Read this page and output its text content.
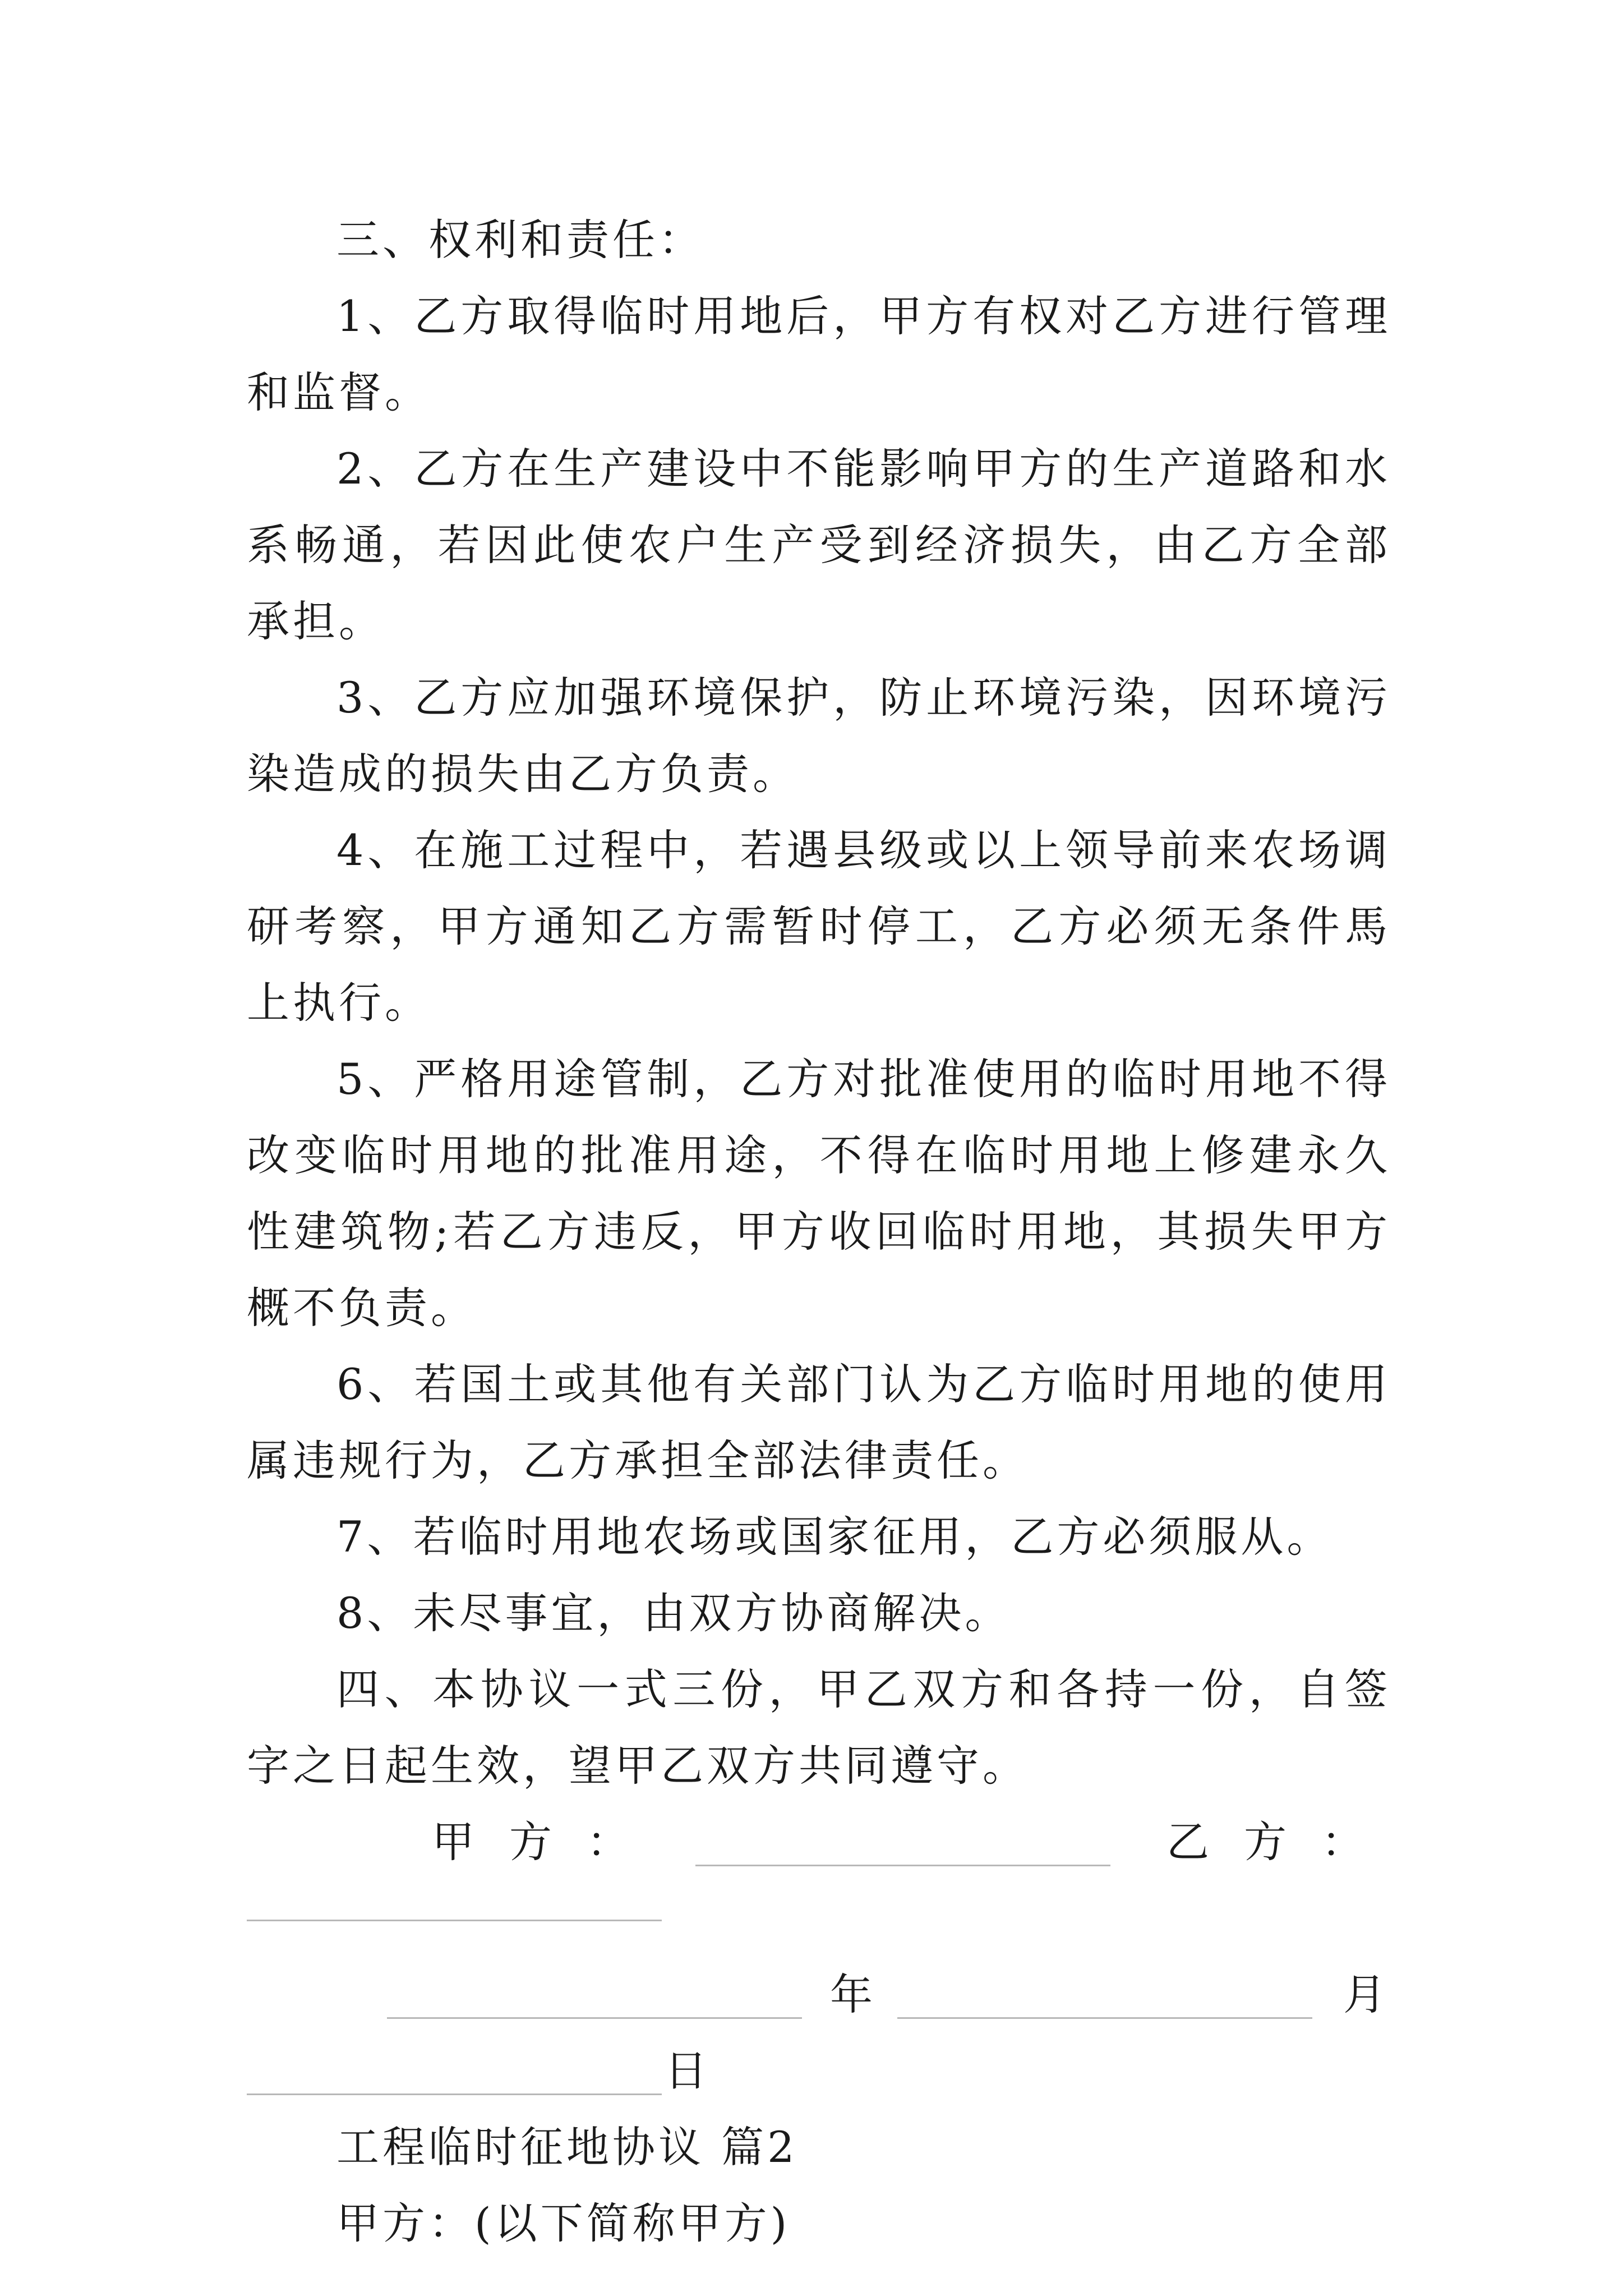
三、权利和责任：

1、乙方取得临时用地后，甲方有权对乙方进行管理和监督。

2、乙方在生产建设中不能影响甲方的生产道路和水系畅通，若因此使农户生产受到经济损失，由乙方全部承担。

3、乙方应加强环境保护，防止环境污染，因环境污染造成的损失由乙方负责。

4、在施工过程中，若遇县级或以上领导前来农场调研考察，甲方通知乙方需暂时停工，乙方必须无条件馬上执行。

5、严格用途管制，乙方对批准使用的临时用地不得改变临时用地的批准用途，不得在临时用地上修建永久性建筑物;若乙方违反，甲方收回临时用地，其损失甲方概不负责。

6、若国土或其他有关部门认为乙方临时用地的使用属违规行为，乙方承担全部法律责任。

7、若临时用地农场或国家征用，乙方必须服从。

8、未尽事宜，由双方协商解决。

四、本协议一式三份，甲乙双方和各持一份，自签字之日起生效，望甲乙双方共同遵守。

甲方：	乙方：
年	月
日

工程临时征地协议 篇2

甲方：(以下简称甲方)
